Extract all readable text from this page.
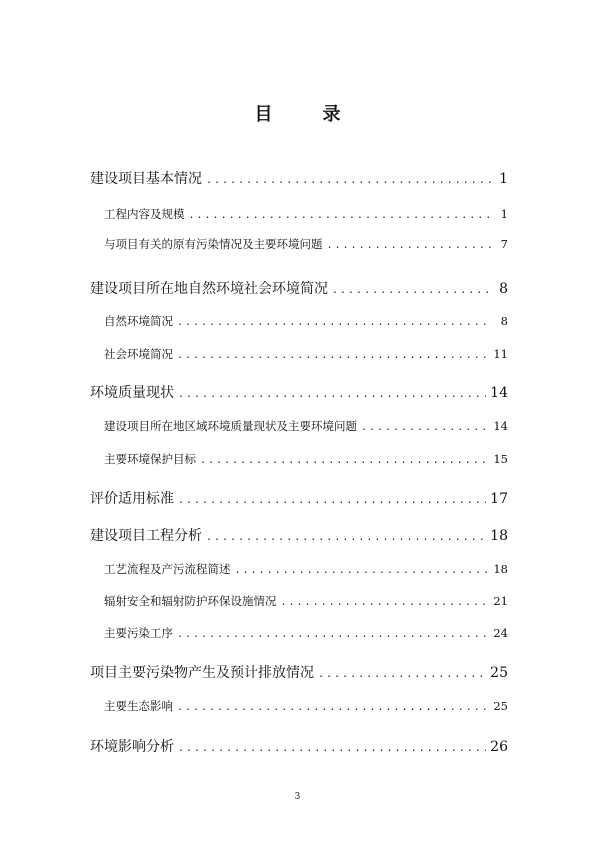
目	录
建设项目基本情况 .....	1
工程内容及规模 .....	1
与项目有关的原有污染情况及主要环境问题 .....	7
建设项目所在地自然环境社会环境简况 .....	8
自然环境简况 .....	8
社会环境简况 .....	11
环境质量现状 .....	14
建设项目所在地区域环境质量现状及主要环境问题 .....	14
主要环境保护目标 .....	15
评价适用标准 .....	17
建设项目工程分析 .....	18
工艺流程及产污流程简述 .....	18
辐射安全和辐射防护环保设施情况 .....	21
主要污染工序 .....	24
项目主要污染物产生及预计排放情况 .....	25
主要生态影响 .....	25
环境影响分析 .....	26
3
